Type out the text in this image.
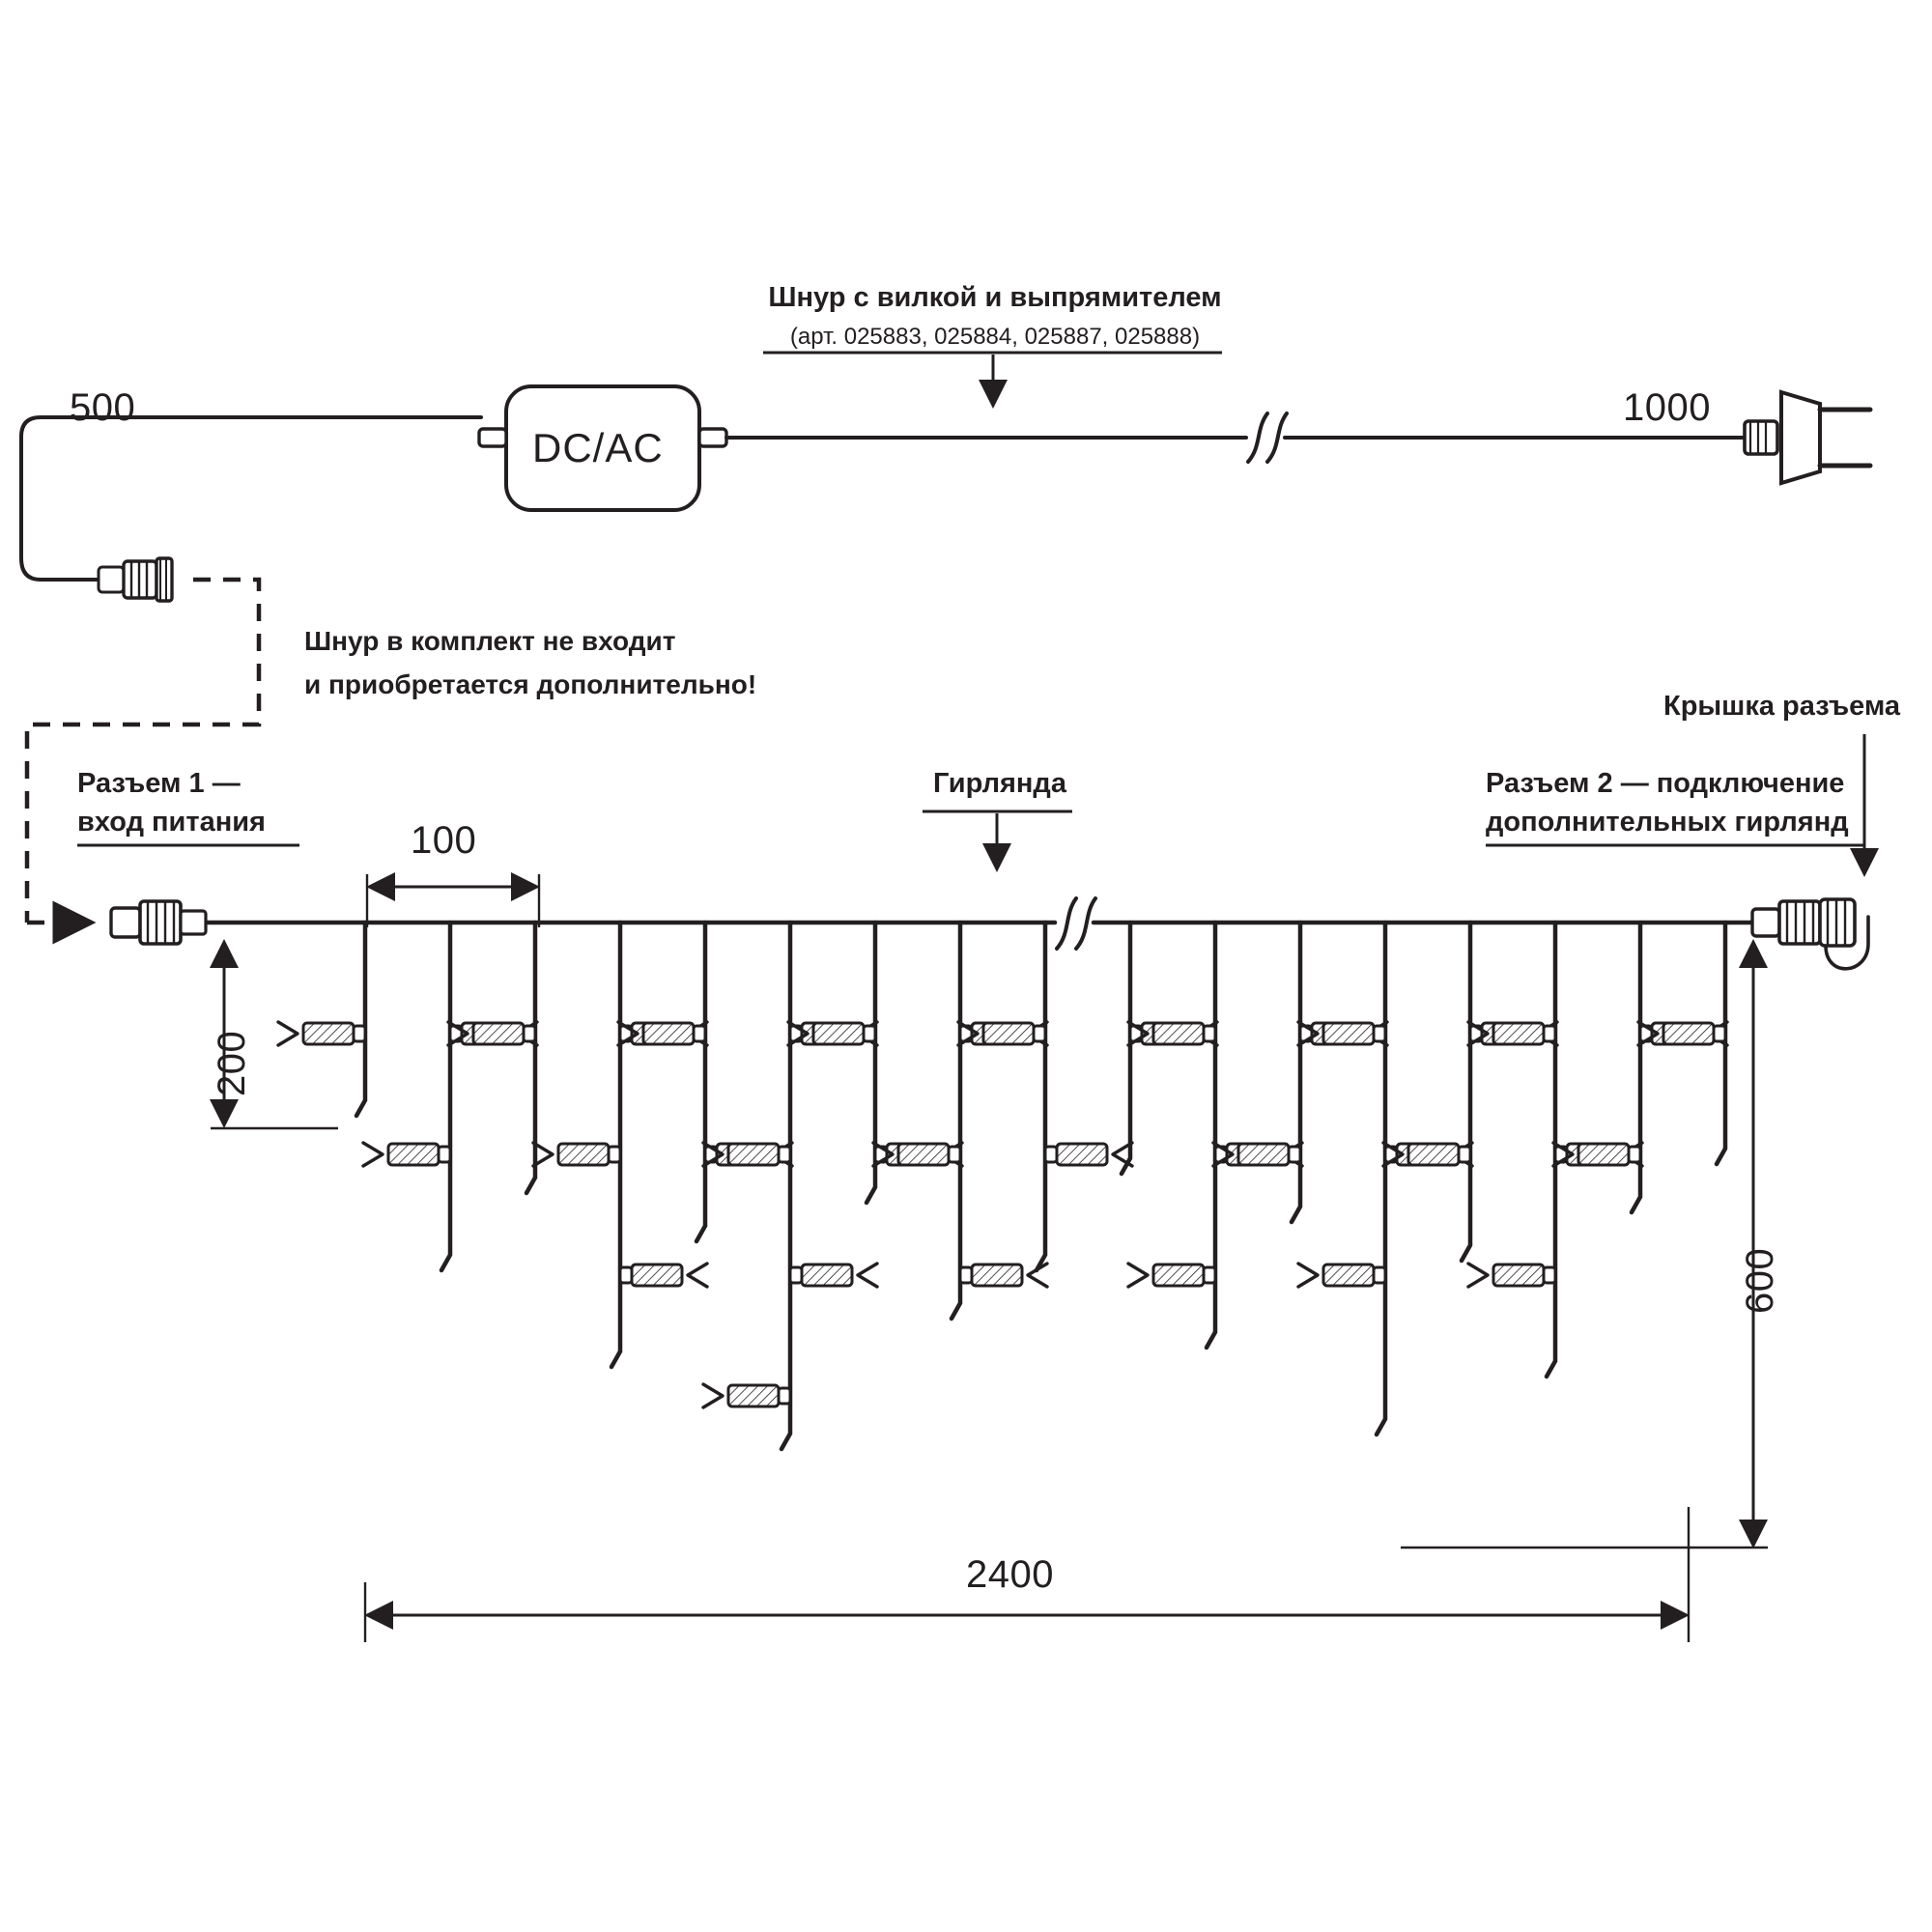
500	1000
100
200
600
2400
DC/AC
Шнур с вилкой и выпрямителем
(арт. 025883, 025884, 025887, 025888)
Шнур в комплект не входит
и приобретается дополнительно!
Разъем 1 —
вход питания
Гирлянда	Разъем 2 — подключение
дополнительных гирлянд
Крышка разъема
